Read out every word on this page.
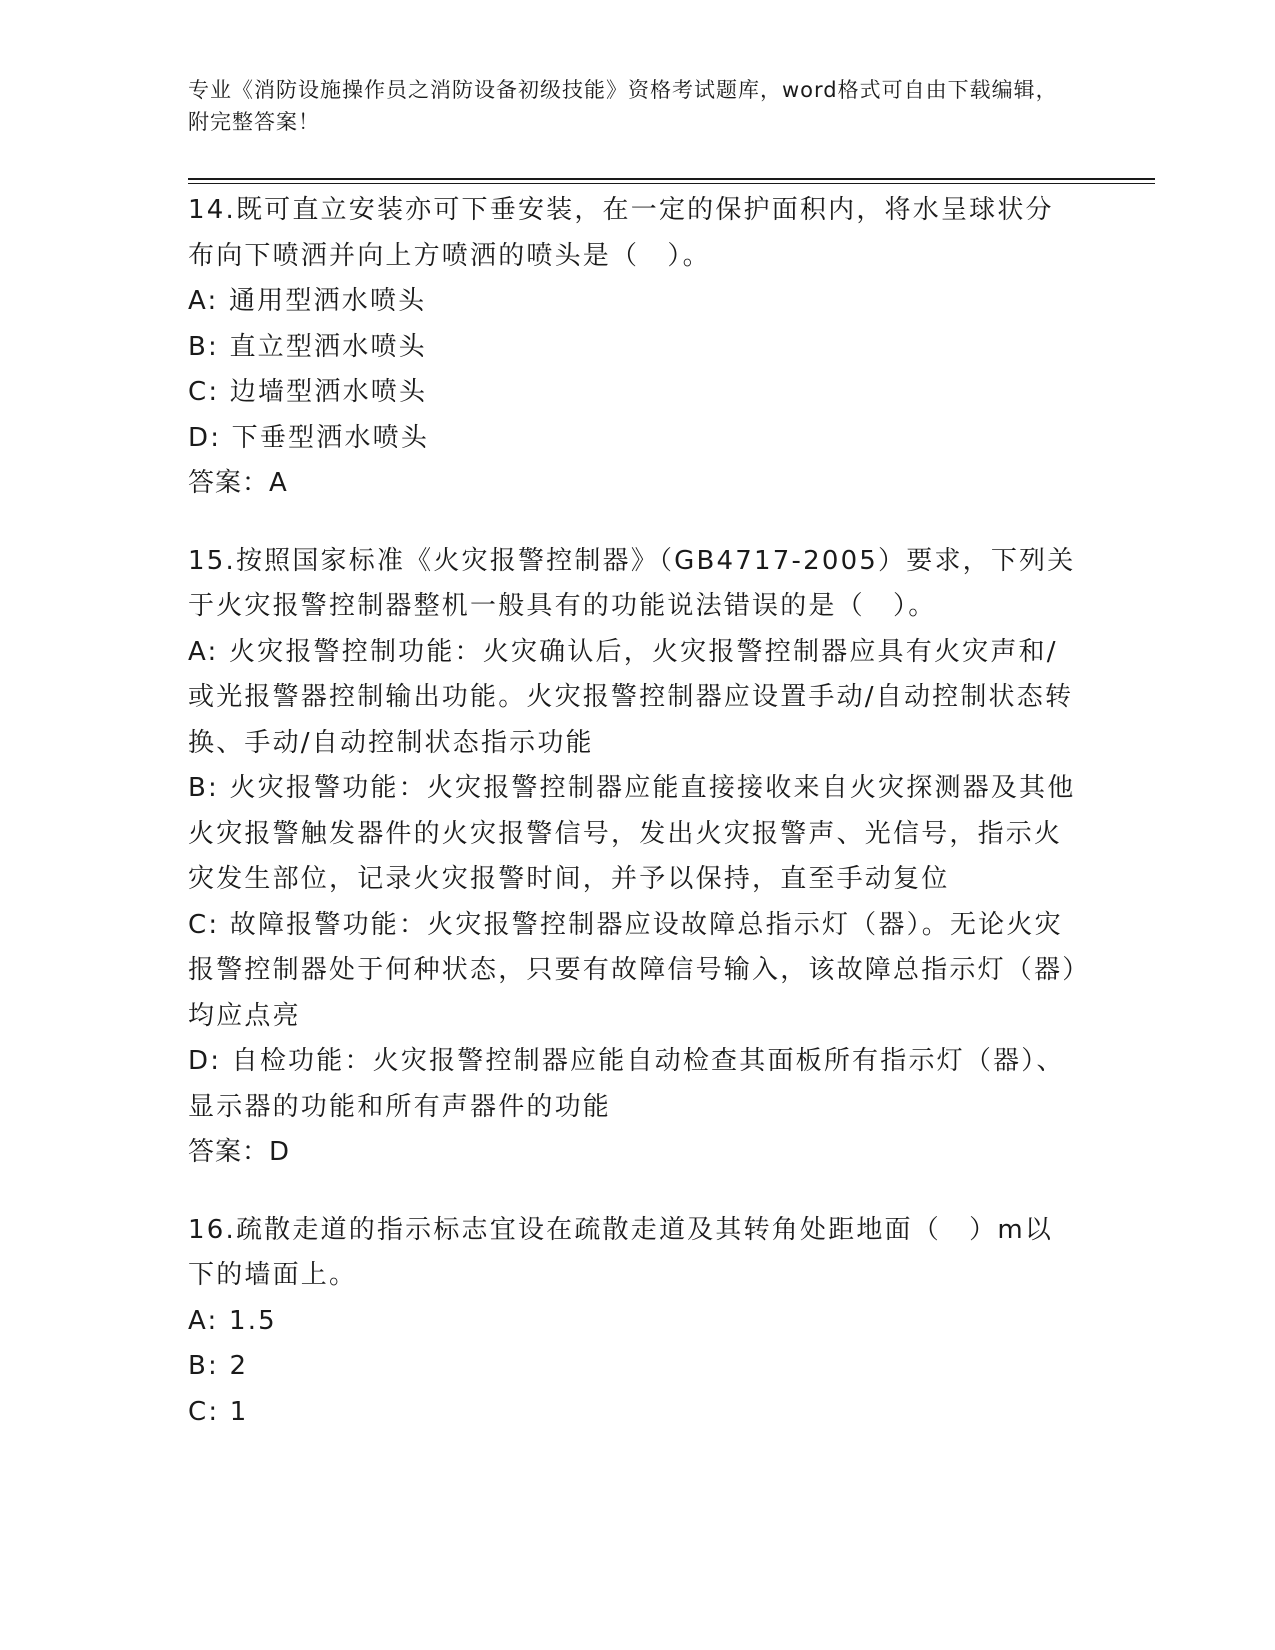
专业《消防设施操作员之消防设备初级技能》资格考试题库，word格式可自由下载编辑，附完整答案！

14.既可直立安装亦可下垂安装，在一定的保护面积内，将水呈球状分布向下喷洒并向上方喷洒的喷头是（　）。

A: 通用型洒水喷头

B: 直立型洒水喷头

C: 边墙型洒水喷头

D: 下垂型洒水喷头

答案：A

15.按照国家标准《火灾报警控制器》（GB4717-2005）要求，下列关于火灾报警控制器整机一般具有的功能说法错误的是（　）。

A: 火灾报警控制功能：火灾确认后，火灾报警控制器应具有火灾声和/或光报警器控制输出功能。火灾报警控制器应设置手动/自动控制状态转换、手动/自动控制状态指示功能

B: 火灾报警功能：火灾报警控制器应能直接接收来自火灾探测器及其他火灾报警触发器件的火灾报警信号，发出火灾报警声、光信号，指示火灾发生部位，记录火灾报警时间，并予以保持，直至手动复位

C: 故障报警功能：火灾报警控制器应设故障总指示灯（器）。无论火灾报警控制器处于何种状态，只要有故障信号输入，该故障总指示灯（器）均应点亮

D: 自检功能：火灾报警控制器应能自动检查其面板所有指示灯（器）、显示器的功能和所有声器件的功能

答案：D

16.疏散走道的指示标志宜设在疏散走道及其转角处距地面（　）m以下的墙面上。

A: 1.5

B: 2

C: 1
